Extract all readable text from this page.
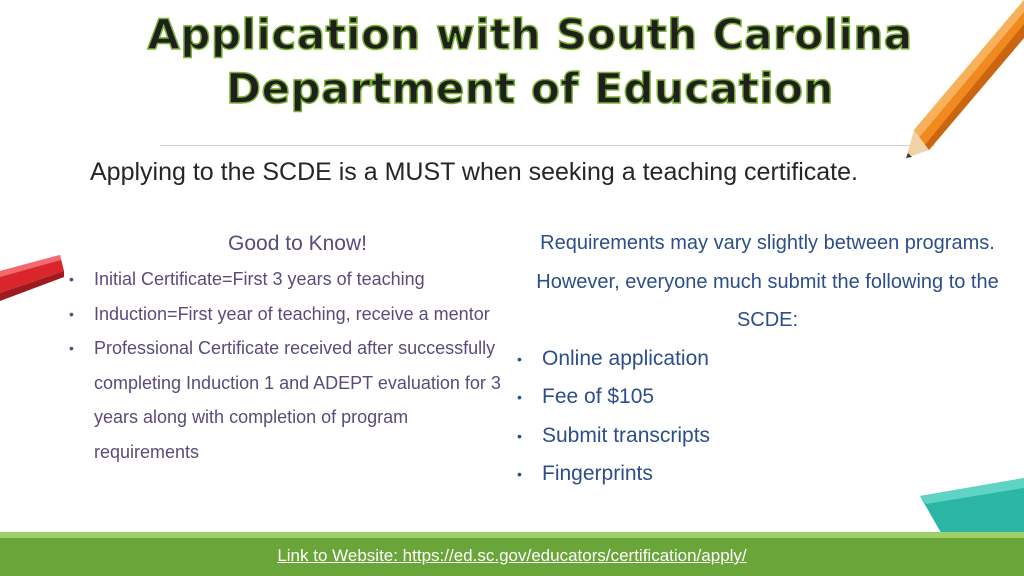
Application with South Carolina
Department of Education

Applying to the SCDE is a MUST when seeking a teaching certificate.

Good to Know!

• Initial Certificate=First 3 years of teaching
• Induction=First year of teaching, receive a mentor
• Professional Certificate received after successfully completing Induction 1 and ADEPT evaluation for 3 years along with completion of program requirements

Requirements may vary slightly between programs.

However, everyone much submit the following to the SCDE:

• Online application
• Fee of $105
• Submit transcripts
• Fingerprints
Link to Website: https://ed.sc.gov/educators/certification/apply/
